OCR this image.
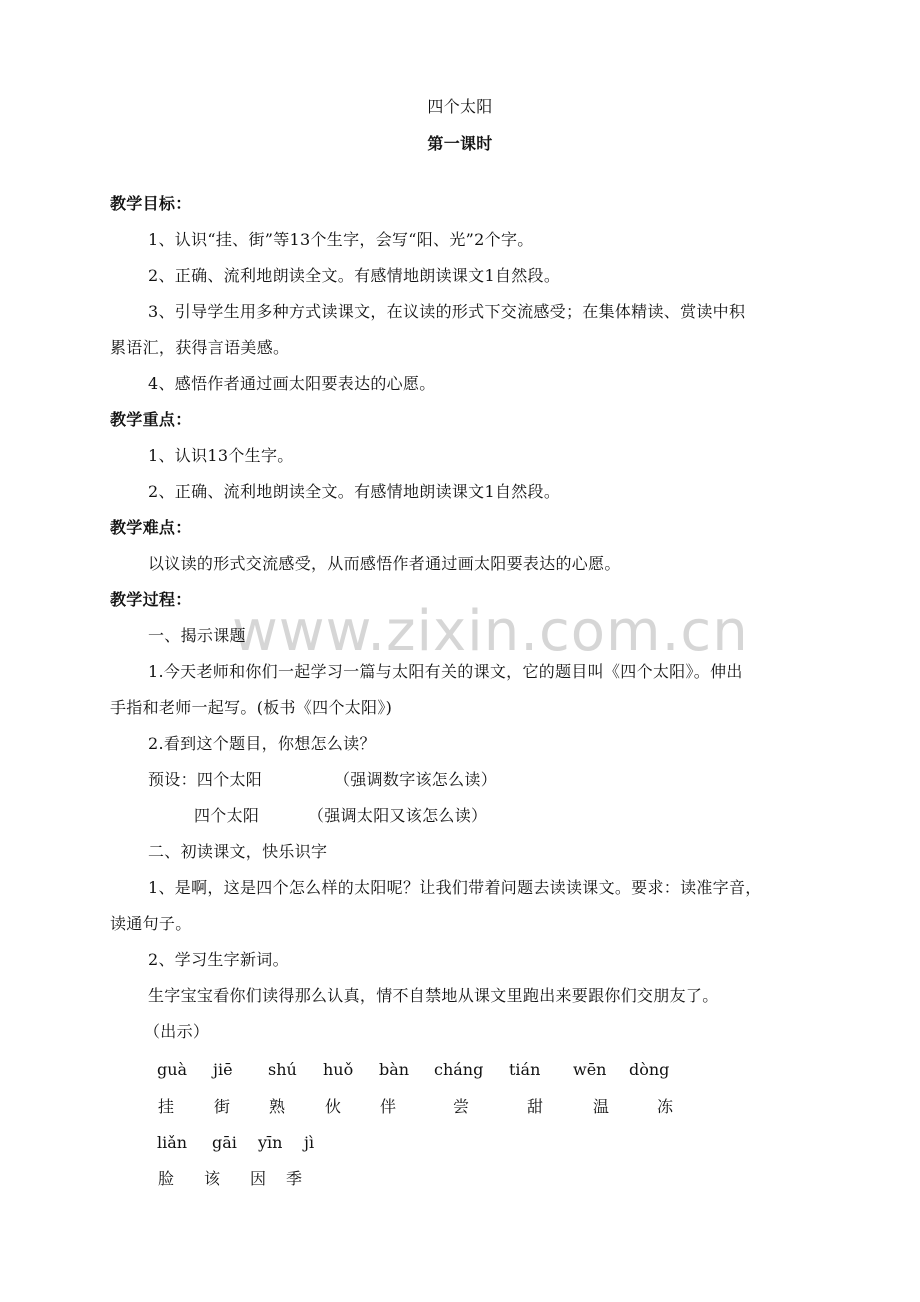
www.zixin.com.cn

四个太阳

第一课时

教学目标：

1、认识“挂、街”等13个生字，会写“阳、光”2个字。

2、正确、流利地朗读全文。有感情地朗读课文1自然段。

3、引导学生用多种方式读课文，在议读的形式下交流感受；在集体精读、赏读中积

累语汇，获得言语美感。

4、感悟作者通过画太阳要表达的心愿。

教学重点：

1、认识13个生字。

2、正确、流利地朗读全文。有感情地朗读课文1自然段。

教学难点：

以议读的形式交流感受，从而感悟作者通过画太阳要表达的心愿。

教学过程：

一、揭示课题

1.今天老师和你们一起学习一篇与太阳有关的课文，它的题目叫《四个太阳》。伸出

手指和老师一起写。(板书《四个太阳》)

2.看到这个题目，你想怎么读？

预设：四个太阳	（强调数字该怎么读）

四个太阳	（强调太阳又该怎么读）

二、初读课文，快乐识字

1、是啊，这是四个怎么样的太阳呢？让我们带着问题去读读课文。要求：读准字音，

读通句子。

2、学习生字新词。

生字宝宝看你们读得那么认真，情不自禁地从课文里跑出来要跟你们交朋友了。

（出示）

guà jiē shú huǒ bàn cháng tián wēn dòng
挂 街 熟 伙 伴	尝	甜	温	冻
liǎn gāi yīn jì
脸 该 因 季
